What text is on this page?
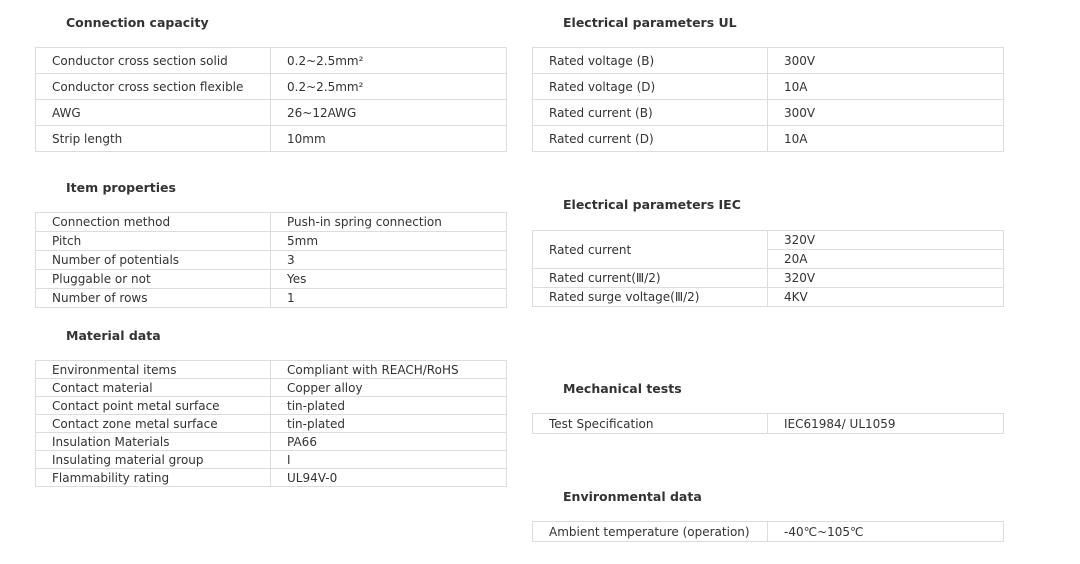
Connection capacity
Conductor cross section solid	0.2~2.5mm²
Conductor cross section flexible	0.2~2.5mm²
AWG	26~12AWG
Strip length	10mm
Item properties
Connection method	Push-in spring connection
Pitch	5mm
Number of potentials	3
Pluggable or not	Yes
Number of rows	1
Material data
Environmental items	Compliant with REACH/RoHS
Contact material	Copper alloy
Contact point metal surface	tin-plated
Contact zone metal surface	tin-plated
Insulation Materials	PA66
Insulating material group	Ⅰ
Flammability rating	UL94V-0
Electrical parameters UL
Rated voltage (B)	300V
Rated voltage (D)	10A
Rated current (B)	300V
Rated current (D)	10A
Electrical parameters IEC
Rated current	320V
	20A
Rated current(Ⅲ/2)	320V
Rated surge voltage(Ⅲ/2)	4KV
Mechanical tests
Test Specification	IEC61984/ UL1059
Environmental data
Ambient temperature (operation)	-40℃~105℃
